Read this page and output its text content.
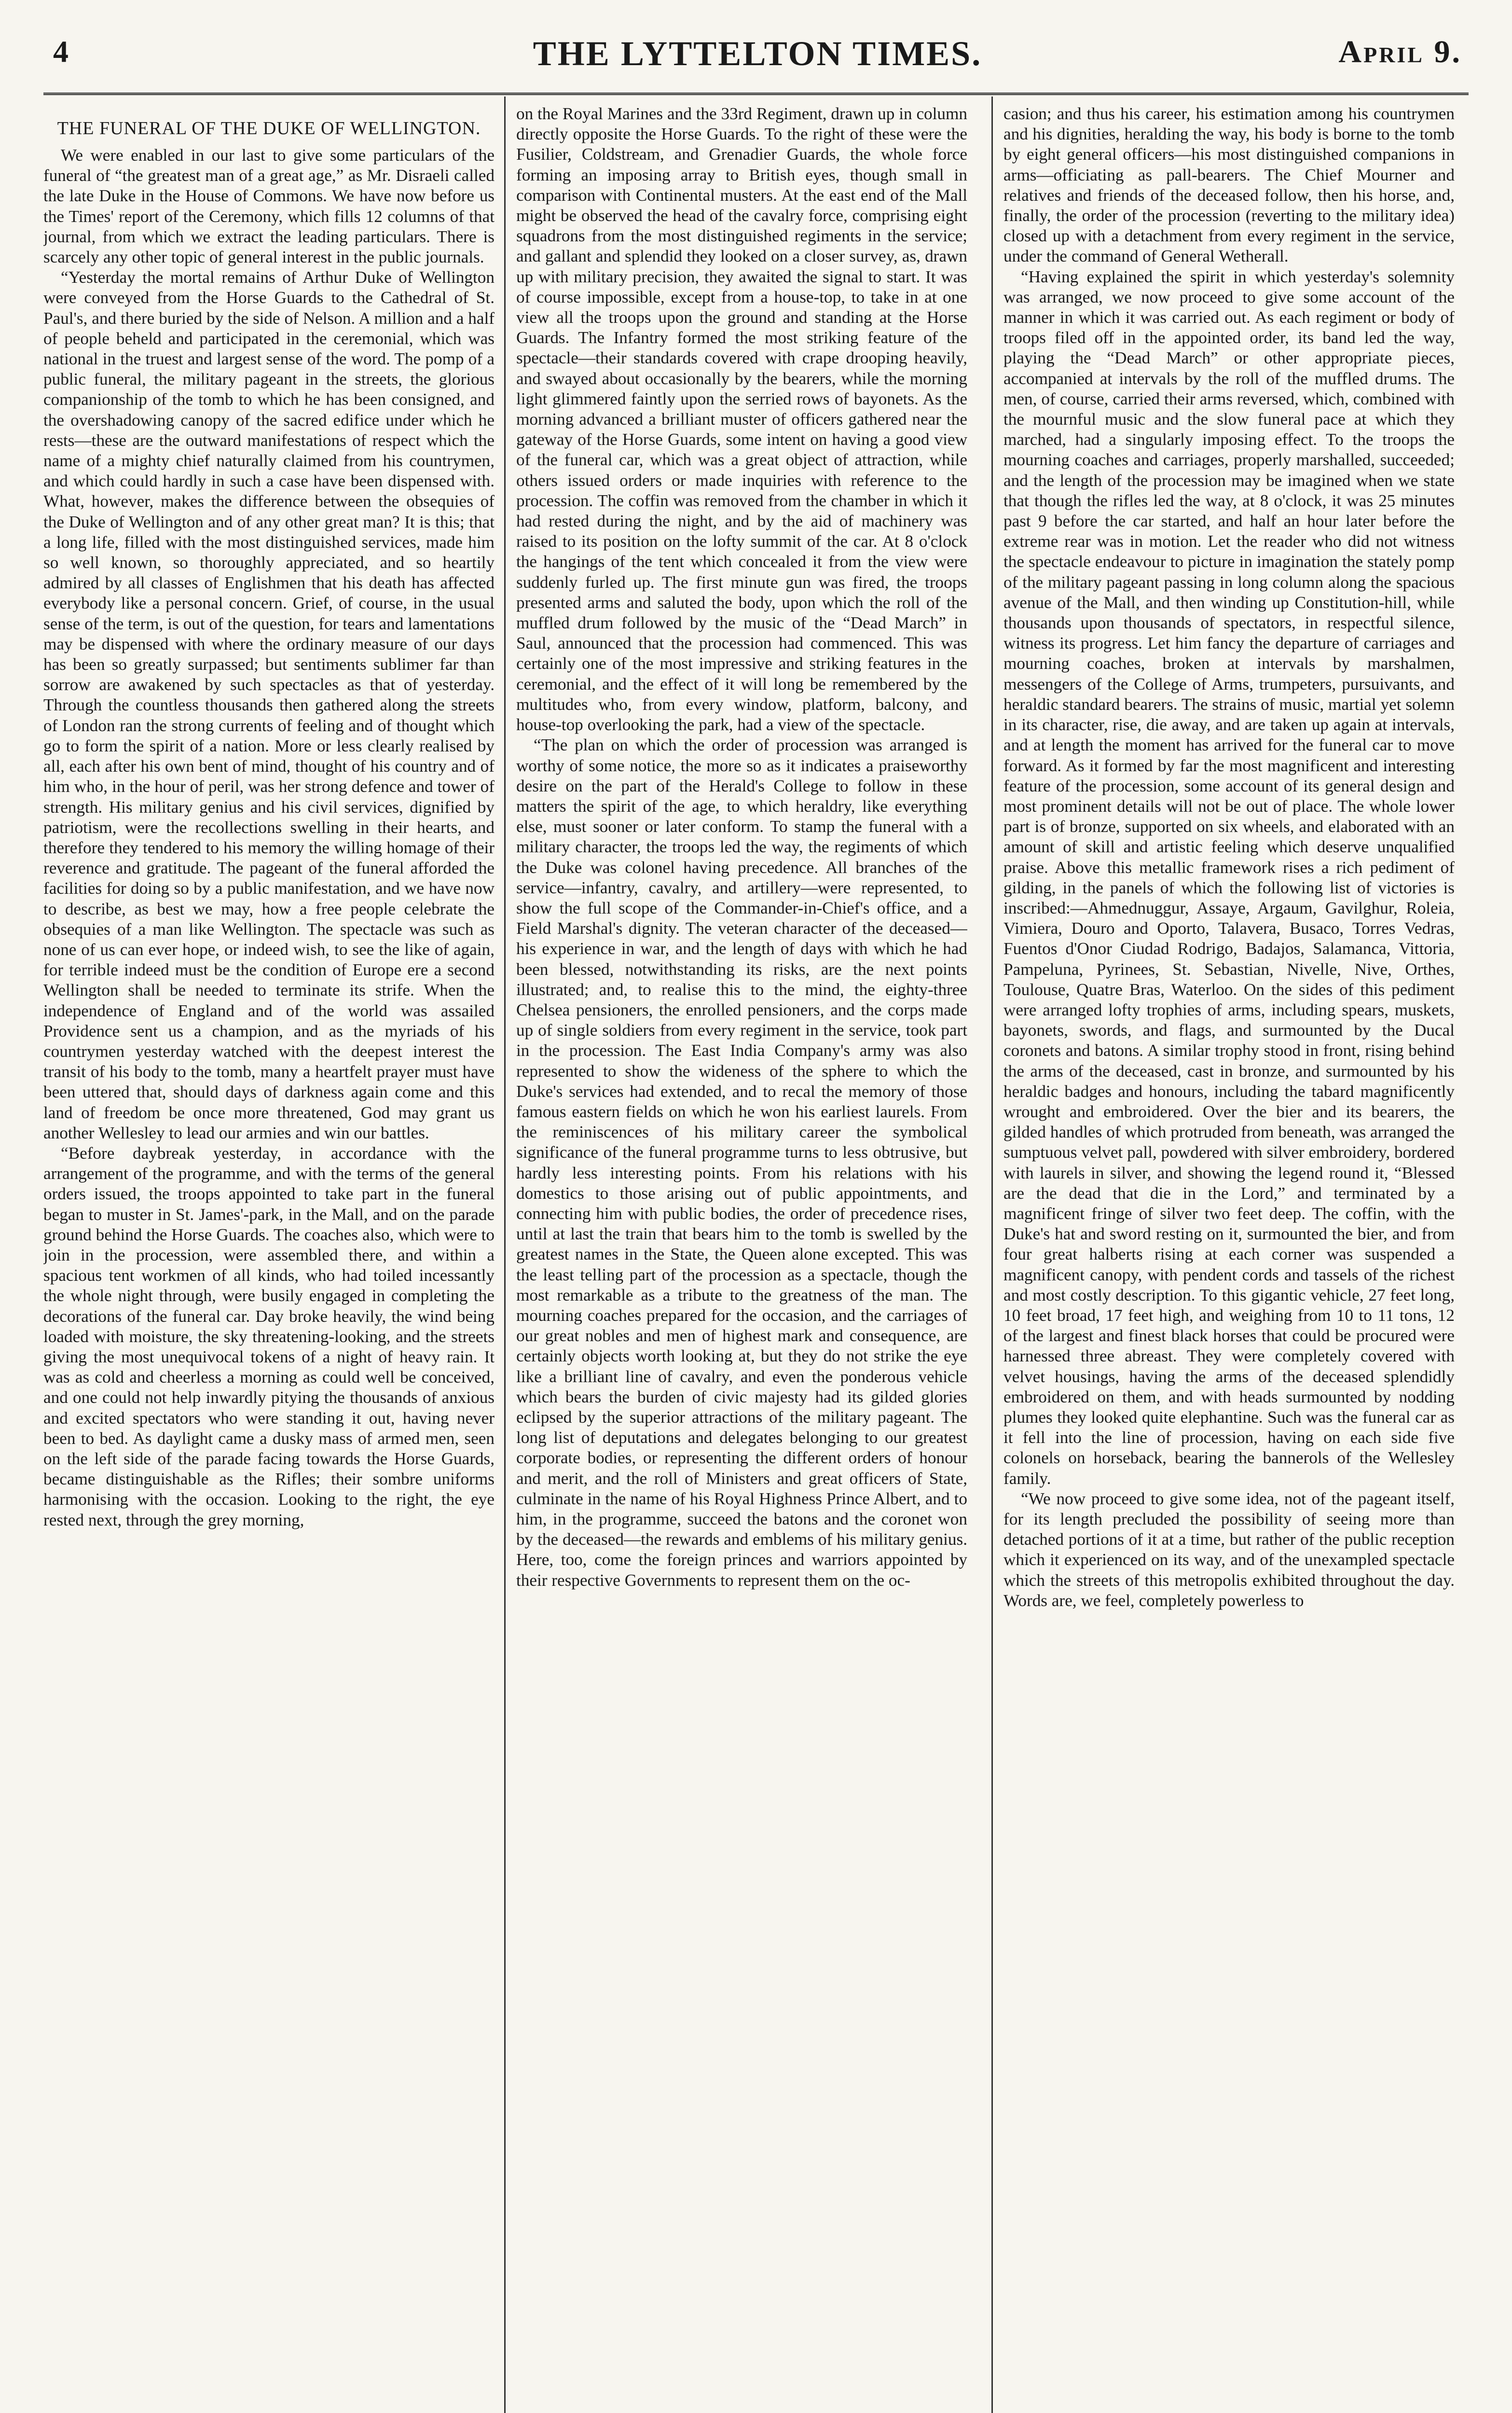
4	THE LYTTELTON TIMES.	April 9.
THE FUNERAL OF THE DUKE OF WELLINGTON.

We were enabled in our last to give some particulars of the funeral of “the greatest man of a great age,” as Mr. Disraeli called the late Duke in the House of Commons. We have now before us the Times' report of the Ceremony, which fills 12 columns of that journal, from which we extract the leading particulars. There is scarcely any other topic of general interest in the public journals.

“Yesterday the mortal remains of Arthur Duke of Wellington were conveyed from the Horse Guards to the Cathedral of St. Paul's, and there buried by the side of Nelson. A million and a half of people beheld and participated in the ceremonial, which was national in the truest and largest sense of the word. The pomp of a public funeral, the military pageant in the streets, the glorious companionship of the tomb to which he has been consigned, and the overshadowing canopy of the sacred edifice under which he rests—these are the outward manifestations of respect which the name of a mighty chief naturally claimed from his countrymen, and which could hardly in such a case have been dispensed with. What, however, makes the difference between the obsequies of the Duke of Wellington and of any other great man? It is this; that a long life, filled with the most distinguished services, made him so well known, so thoroughly appreciated, and so heartily admired by all classes of Englishmen that his death has affected everybody like a personal concern. Grief, of course, in the usual sense of the term, is out of the question, for tears and lamentations may be dispensed with where the ordinary measure of our days has been so greatly surpassed; but sentiments sublimer far than sorrow are awakened by such spectacles as that of yesterday. Through the countless thousands then gathered along the streets of London ran the strong currents of feeling and of thought which go to form the spirit of a nation. More or less clearly realised by all, each after his own bent of mind, thought of his country and of him who, in the hour of peril, was her strong defence and tower of strength. His military genius and his civil services, dignified by patriotism, were the recollections swelling in their hearts, and therefore they tendered to his memory the willing homage of their reverence and gratitude. The pageant of the funeral afforded the facilities for doing so by a public manifestation, and we have now to describe, as best we may, how a free people celebrate the obsequies of a man like Wellington. The spectacle was such as none of us can ever hope, or indeed wish, to see the like of again, for terrible indeed must be the condition of Europe ere a second Wellington shall be needed to terminate its strife. When the independence of England and of the world was assailed Providence sent us a champion, and as the myriads of his countrymen yesterday watched with the deepest interest the transit of his body to the tomb, many a heartfelt prayer must have been uttered that, should days of darkness again come and this land of freedom be once more threatened, God may grant us another Wellesley to lead our armies and win our battles.

“Before daybreak yesterday, in accordance with the arrangement of the programme, and with the terms of the general orders issued, the troops appointed to take part in the funeral began to muster in St. James'-park, in the Mall, and on the parade ground behind the Horse Guards. The coaches also, which were to join in the procession, were assembled there, and within a spacious tent workmen of all kinds, who had toiled incessantly the whole night through, were busily engaged in completing the decorations of the funeral car. Day broke heavily, the wind being loaded with moisture, the sky threatening-looking, and the streets giving the most unequivocal tokens of a night of heavy rain. It was as cold and cheerless a morning as could well be conceived, and one could not help inwardly pitying the thousands of anxious and excited spectators who were standing it out, having never been to bed. As daylight came a dusky mass of armed men, seen on the left side of the parade facing towards the Horse Guards, became distinguishable as the Rifles; their sombre uniforms harmonising with the occasion. Looking to the right, the eye rested next, through the grey morning,

on the Royal Marines and the 33rd Regiment, drawn up in column directly opposite the Horse Guards. To the right of these were the Fusilier, Coldstream, and Grenadier Guards, the whole force forming an imposing array to British eyes, though small in comparison with Continental musters. At the east end of the Mall might be observed the head of the cavalry force, comprising eight squadrons from the most distinguished regiments in the service; and gallant and splendid they looked on a closer survey, as, drawn up with military precision, they awaited the signal to start. It was of course impossible, except from a house-top, to take in at one view all the troops upon the ground and standing at the Horse Guards. The Infantry formed the most striking feature of the spectacle—their standards covered with crape drooping heavily, and swayed about occasionally by the bearers, while the morning light glimmered faintly upon the serried rows of bayonets. As the morning advanced a brilliant muster of officers gathered near the gateway of the Horse Guards, some intent on having a good view of the funeral car, which was a great object of attraction, while others issued orders or made inquiries with reference to the procession. The coffin was removed from the chamber in which it had rested during the night, and by the aid of machinery was raised to its position on the lofty summit of the car. At 8 o'clock the hangings of the tent which concealed it from the view were suddenly furled up. The first minute gun was fired, the troops presented arms and saluted the body, upon which the roll of the muffled drum followed by the music of the “Dead March” in Saul, announced that the procession had commenced. This was certainly one of the most impressive and striking features in the ceremonial, and the effect of it will long be remembered by the multitudes who, from every window, platform, balcony, and house-top overlooking the park, had a view of the spectacle.

“The plan on which the order of procession was arranged is worthy of some notice, the more so as it indicates a praiseworthy desire on the part of the Herald's College to follow in these matters the spirit of the age, to which heraldry, like everything else, must sooner or later conform. To stamp the funeral with a military character, the troops led the way, the regiments of which the Duke was colonel having precedence. All branches of the service—infantry, cavalry, and artillery—were represented, to show the full scope of the Commander-in-Chief's office, and a Field Marshal's dignity. The veteran character of the deceased—his experience in war, and the length of days with which he had been blessed, notwithstanding its risks, are the next points illustrated; and, to realise this to the mind, the eighty-three Chelsea pensioners, the enrolled pensioners, and the corps made up of single soldiers from every regiment in the service, took part in the procession. The East India Company's army was also represented to show the wideness of the sphere to which the Duke's services had extended, and to recal the memory of those famous eastern fields on which he won his earliest laurels. From the reminiscences of his military career the symbolical significance of the funeral programme turns to less obtrusive, but hardly less interesting points. From his relations with his domestics to those arising out of public appointments, and connecting him with public bodies, the order of precedence rises, until at last the train that bears him to the tomb is swelled by the greatest names in the State, the Queen alone excepted. This was the least telling part of the procession as a spectacle, though the most remarkable as a tribute to the greatness of the man. The mourning coaches prepared for the occasion, and the carriages of our great nobles and men of highest mark and consequence, are certainly objects worth looking at, but they do not strike the eye like a brilliant line of cavalry, and even the ponderous vehicle which bears the burden of civic majesty had its gilded glories eclipsed by the superior attractions of the military pageant. The long list of deputations and delegates belonging to our greatest corporate bodies, or representing the different orders of honour and merit, and the roll of Ministers and great officers of State, culminate in the name of his Royal Highness Prince Albert, and to him, in the programme, succeed the batons and the coronet won by the deceased—the rewards and emblems of his military genius. Here, too, come the foreign princes and warriors appointed by their respective Governments to represent them on the oc-

casion; and thus his career, his estimation among his countrymen and his dignities, heralding the way, his body is borne to the tomb by eight general officers—his most distinguished companions in arms—officiating as pall-bearers. The Chief Mourner and relatives and friends of the deceased follow, then his horse, and, finally, the order of the procession (reverting to the military idea) closed up with a detachment from every regiment in the service, under the command of General Wetherall.

“Having explained the spirit in which yesterday's solemnity was arranged, we now proceed to give some account of the manner in which it was carried out. As each regiment or body of troops filed off in the appointed order, its band led the way, playing the “Dead March” or other appropriate pieces, accompanied at intervals by the roll of the muffled drums. The men, of course, carried their arms reversed, which, combined with the mournful music and the slow funeral pace at which they marched, had a singularly imposing effect. To the troops the mourning coaches and carriages, properly marshalled, succeeded; and the length of the procession may be imagined when we state that though the rifles led the way, at 8 o'clock, it was 25 minutes past 9 before the car started, and half an hour later before the extreme rear was in motion. Let the reader who did not witness the spectacle endeavour to picture in imagination the stately pomp of the military pageant passing in long column along the spacious avenue of the Mall, and then winding up Constitution-hill, while thousands upon thousands of spectators, in respectful silence, witness its progress. Let him fancy the departure of carriages and mourning coaches, broken at intervals by marshalmen, messengers of the College of Arms, trumpeters, pursuivants, and heraldic standard bearers. The strains of music, martial yet solemn in its character, rise, die away, and are taken up again at intervals, and at length the moment has arrived for the funeral car to move forward. As it formed by far the most magnificent and interesting feature of the procession, some account of its general design and most prominent details will not be out of place. The whole lower part is of bronze, supported on six wheels, and elaborated with an amount of skill and artistic feeling which deserve unqualified praise. Above this metallic framework rises a rich pediment of gilding, in the panels of which the following list of victories is inscribed:—Ahmednuggur, Assaye, Argaum, Gavilghur, Roleia, Vimiera, Douro and Oporto, Talavera, Busaco, Torres Vedras, Fuentos d'Onor Ciudad Rodrigo, Badajos, Salamanca, Vittoria, Pampeluna, Pyrinees, St. Sebastian, Nivelle, Nive, Orthes, Toulouse, Quatre Bras, Waterloo. On the sides of this pediment were arranged lofty trophies of arms, including spears, muskets, bayonets, swords, and flags, and surmounted by the Ducal coronets and batons. A similar trophy stood in front, rising behind the arms of the deceased, cast in bronze, and surmounted by his heraldic badges and honours, including the tabard magnificently wrought and embroidered. Over the bier and its bearers, the gilded handles of which protruded from beneath, was arranged the sumptuous velvet pall, powdered with silver embroidery, bordered with laurels in silver, and showing the legend round it, “Blessed are the dead that die in the Lord,” and terminated by a magnificent fringe of silver two feet deep. The coffin, with the Duke's hat and sword resting on it, surmounted the bier, and from four great halberts rising at each corner was suspended a magnificent canopy, with pendent cords and tassels of the richest and most costly description. To this gigantic vehicle, 27 feet long, 10 feet broad, 17 feet high, and weighing from 10 to 11 tons, 12 of the largest and finest black horses that could be procured were harnessed three abreast. They were completely covered with velvet housings, having the arms of the deceased splendidly embroidered on them, and with heads surmounted by nodding plumes they looked quite elephantine. Such was the funeral car as it fell into the line of procession, having on each side five colonels on horseback, bearing the bannerols of the Wellesley family.

“We now proceed to give some idea, not of the pageant itself, for its length precluded the possibility of seeing more than detached portions of it at a time, but rather of the public reception which it experienced on its way, and of the unexampled spectacle which the streets of this metropolis exhibited throughout the day. Words are, we feel, completely powerless to
